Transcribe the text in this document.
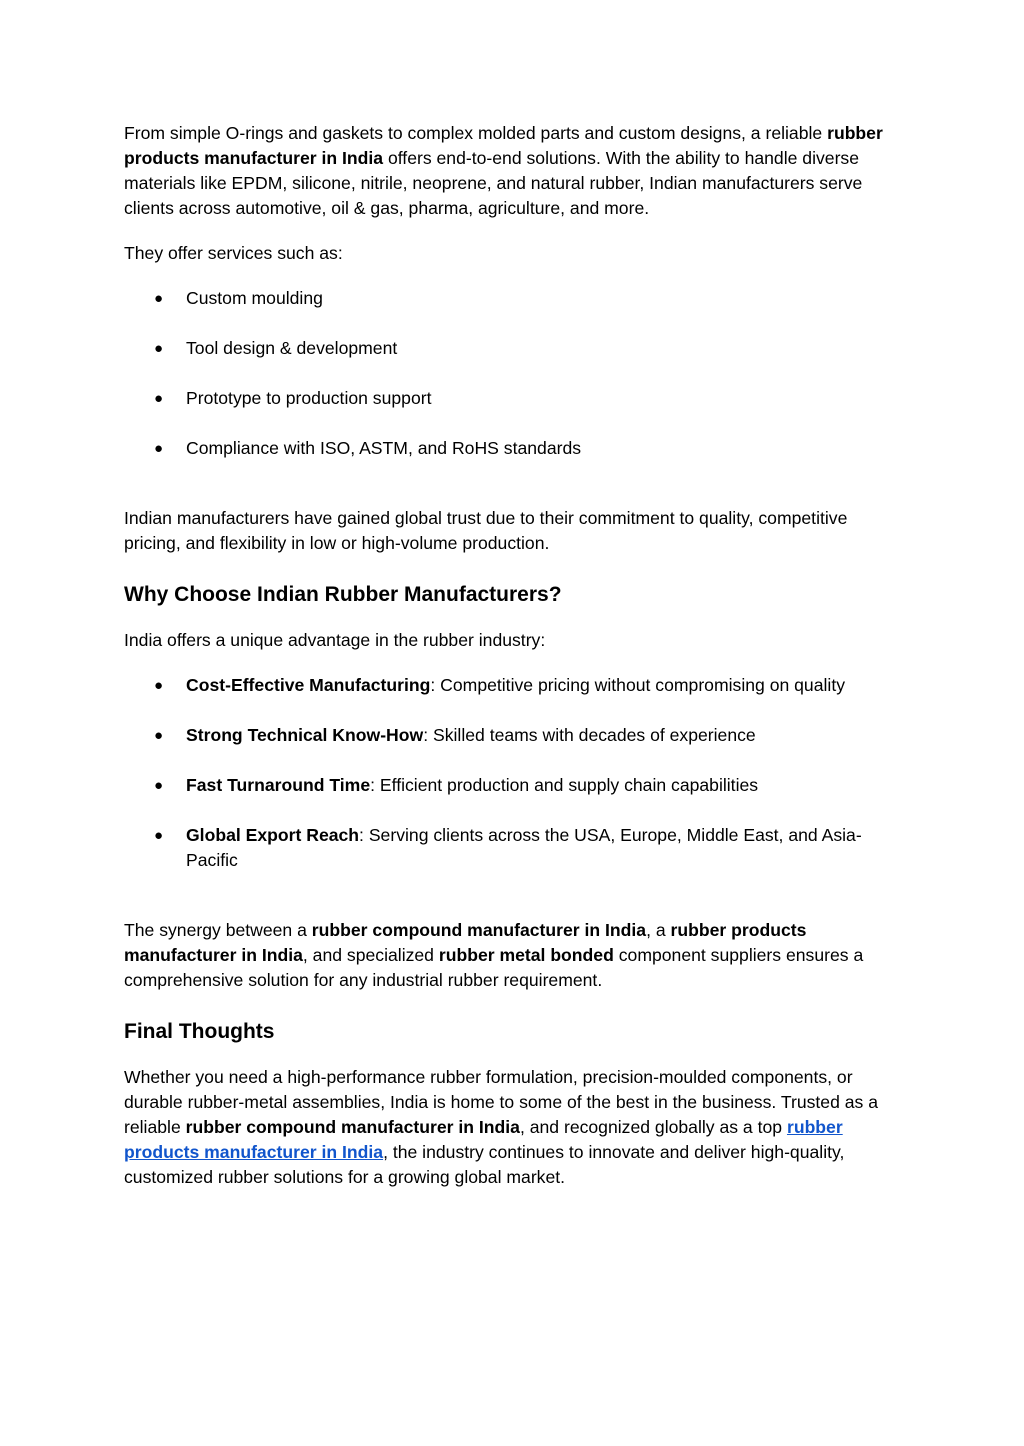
From simple O-rings and gaskets to complex molded parts and custom designs, a reliable rubber products manufacturer in India offers end-to-end solutions. With the ability to handle diverse materials like EPDM, silicone, nitrile, neoprene, and natural rubber, Indian manufacturers serve clients across automotive, oil & gas, pharma, agriculture, and more.

They offer services such as:

● Custom moulding
● Tool design & development
● Prototype to production support
● Compliance with ISO, ASTM, and RoHS standards

Indian manufacturers have gained global trust due to their commitment to quality, competitive pricing, and flexibility in low or high-volume production.

Why Choose Indian Rubber Manufacturers?

India offers a unique advantage in the rubber industry:

● Cost-Effective Manufacturing: Competitive pricing without compromising on quality
● Strong Technical Know-How: Skilled teams with decades of experience
● Fast Turnaround Time: Efficient production and supply chain capabilities
● Global Export Reach: Serving clients across the USA, Europe, Middle East, and Asia-Pacific

The synergy between a rubber compound manufacturer in India, a rubber products manufacturer in India, and specialized rubber metal bonded component suppliers ensures a comprehensive solution for any industrial rubber requirement.

Final Thoughts

Whether you need a high-performance rubber formulation, precision-moulded components, or durable rubber-metal assemblies, India is home to some of the best in the business. Trusted as a reliable rubber compound manufacturer in India, and recognized globally as a top rubber products manufacturer in India, the industry continues to innovate and deliver high-quality, customized rubber solutions for a growing global market.
